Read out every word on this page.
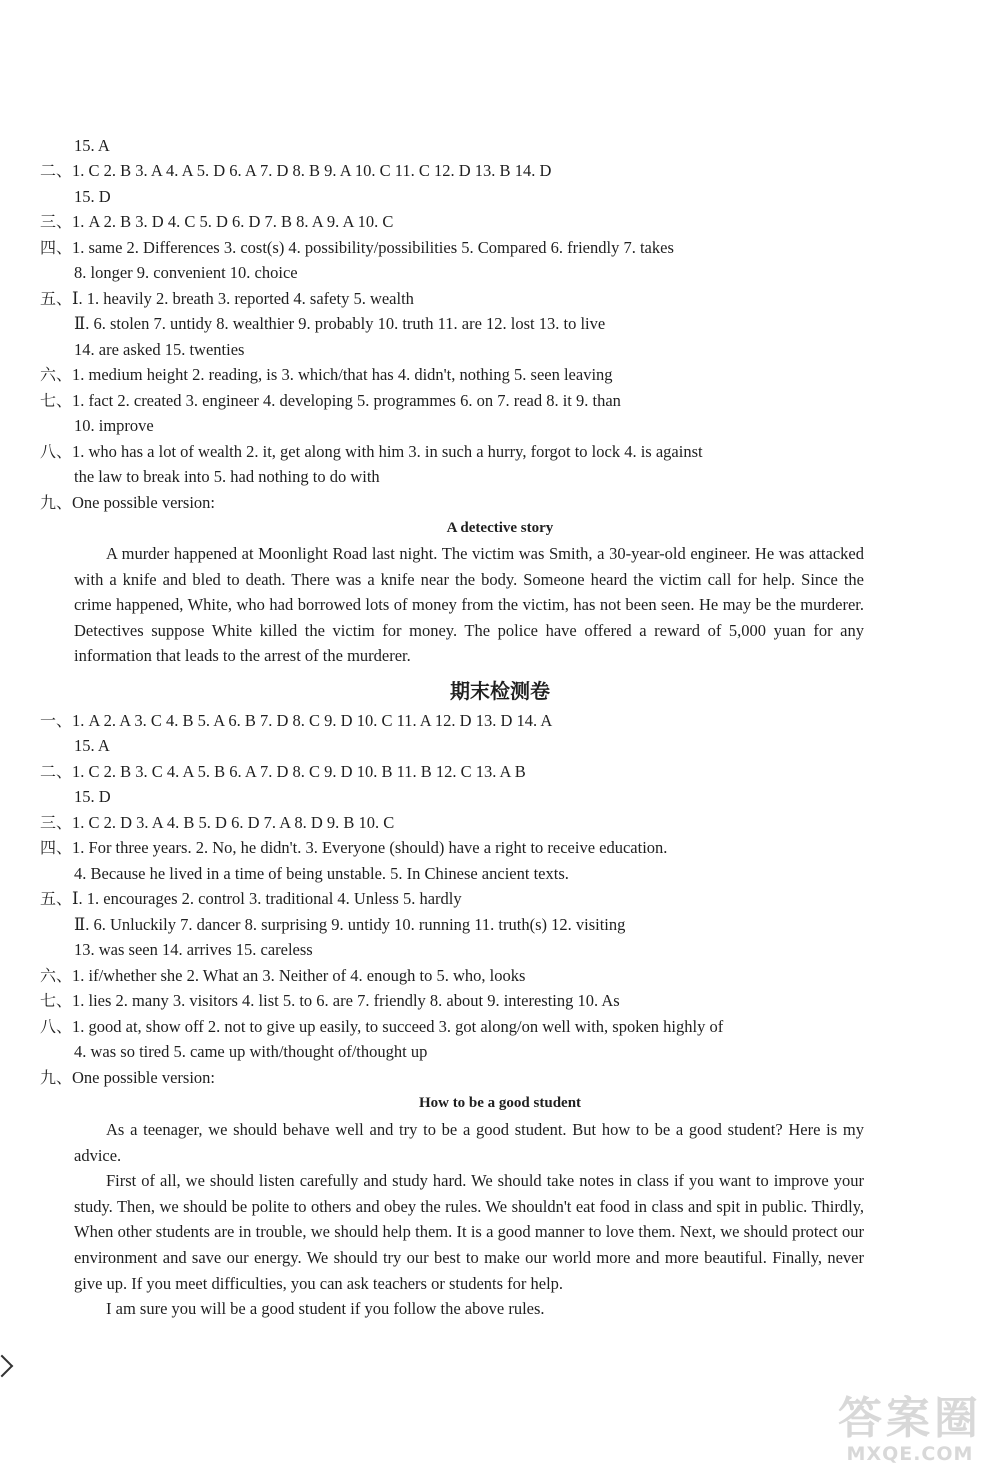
15. A
二、1. C 2. B 3. A 4. A 5. D 6. A 7. D 8. B 9. A 10. C 11. C 12. D 13. B 14. D
15. D
三、1. A 2. B 3. D 4. C 5. D 6. D 7. B 8. A 9. A 10. C
四、1. same 2. Differences 3. cost(s) 4. possibility/possibilities 5. Compared 6. friendly 7. takes
8. longer 9. convenient 10. choice
五、Ⅰ. 1. heavily 2. breath 3. reported 4. safety 5. wealth
Ⅱ. 6. stolen 7. untidy 8. wealthier 9. probably 10. truth 11. are 12. lost 13. to live
14. are asked 15. twenties
六、1. medium height 2. reading, is 3. which/that has 4. didn't, nothing 5. seen leaving
七、1. fact 2. created 3. engineer 4. developing 5. programmes 6. on 7. read 8. it 9. than
10. improve
八、1. who has a lot of wealth 2. it, get along with him 3. in such a hurry, forgot to lock 4. is against
the law to break into 5. had nothing to do with
九、One possible version:
A detective story

A murder happened at Moonlight Road last night. The victim was Smith, a 30-year-old engineer. He was attacked with a knife and bled to death. There was a knife near the body. Someone heard the victim call for help. Since the crime happened, White, who had borrowed lots of money from the victim, has not been seen. He may be the murderer. Detectives suppose White killed the victim for money. The police have offered a reward of 5,000 yuan for any information that leads to the arrest of the murderer.

期末检测卷
一、1. A 2. A 3. C 4. B 5. A 6. B 7. D 8. C 9. D 10. C 11. A 12. D 13. D 14. A
15. A
二、1. C 2. B 3. C 4. A 5. B 6. A 7. D 8. C 9. D 10. B 11. B 12. C 13. A B
15. D
三、1. C 2. D 3. A 4. B 5. D 6. D 7. A 8. D 9. B 10. C
四、1. For three years. 2. No, he didn't. 3. Everyone (should) have a right to receive education.
4. Because he lived in a time of being unstable. 5. In Chinese ancient texts.
五、Ⅰ. 1. encourages 2. control 3. traditional 4. Unless 5. hardly
Ⅱ. 6. Unluckily 7. dancer 8. surprising 9. untidy 10. running 11. truth(s) 12. visiting
13. was seen 14. arrives 15. careless
六、1. if/whether she 2. What an 3. Neither of 4. enough to 5. who, looks
七、1. lies 2. many 3. visitors 4. list 5. to 6. are 7. friendly 8. about 9. interesting 10. As
八、1. good at, show off 2. not to give up easily, to succeed 3. got along/on well with, spoken highly of
4. was so tired 5. came up with/thought of/thought up
九、One possible version:
How to be a good student

As a teenager, we should behave well and try to be a good student. But how to be a good student? Here is my advice.

First of all, we should listen carefully and study hard. We should take notes in class if you want to improve your study. Then, we should be polite to others and obey the rules. We shouldn't eat food in class and spit in public. Thirdly, When other students are in trouble, we should help them. It is a good manner to love them. Next, we should protect our environment and save our energy. We should try our best to make our world more and more beautiful. Finally, never give up. If you meet difficulties, you can ask teachers or students for help.

I am sure you will be a good student if you follow the above rules.

答案圈
MXQE.COM
